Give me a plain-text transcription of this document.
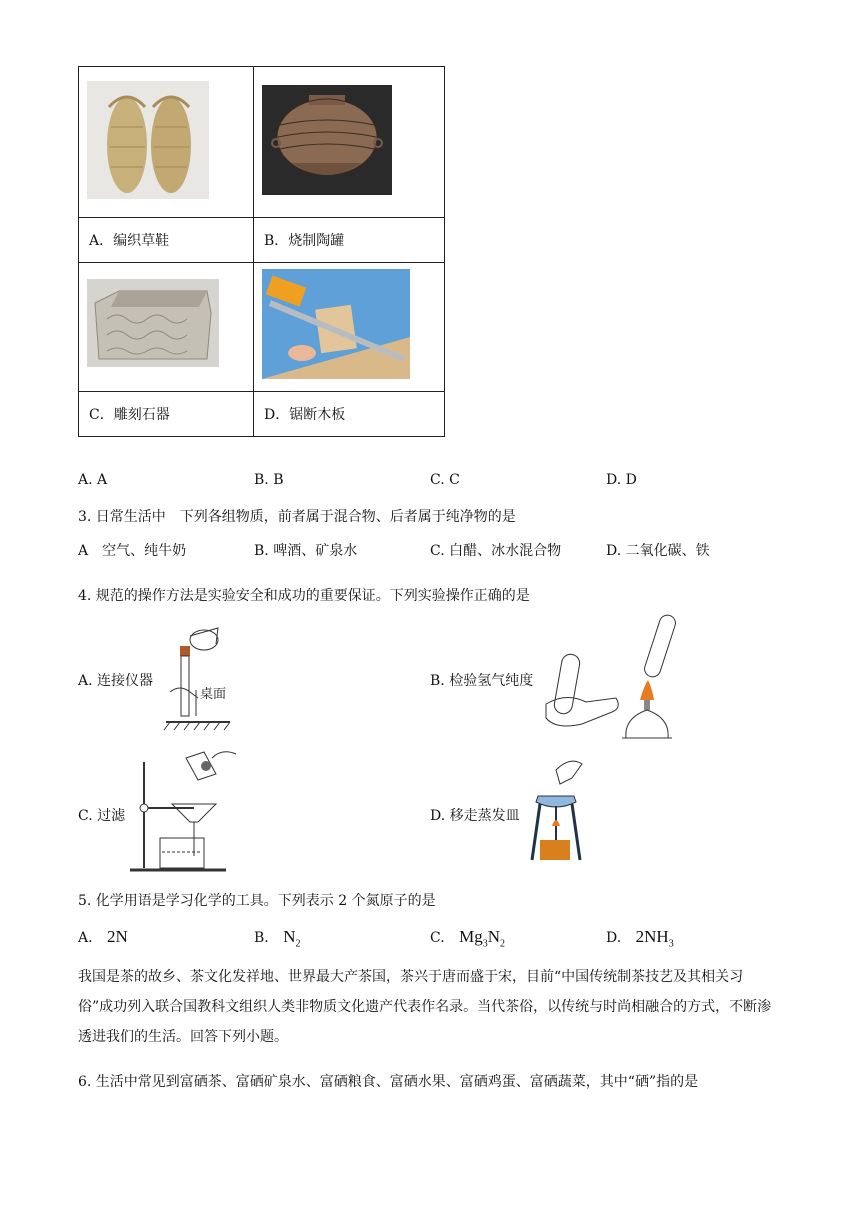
A．编织草鞋	B．烧制陶罐

C．雕刻石器	D．锯断木板
A. A	B. B	C. C	D. D
3. 日常生活中　下列各组物质，前者属于混合物、后者属于纯净物的是
A　空气、纯牛奶	B. 啤酒、矿泉水	C. 白醋、冰水混合物	D. 二氧化碳、铁
4. 规范的操作方法是实验安全和成功的重要保证。下列实验操作正确的是
A. 连接仪器
桌面
B. 检验氢气纯度
C. 过滤	D. 移走蒸发皿
5. 化学用语是学习化学的工具。下列表示 2 个氮原子的是
A. 2N	B. $N_2$	C. $Mg_3N_2$	D. $2NH_3$
我国是茶的故乡、茶文化发祥地、世界最大产茶国，茶兴于唐而盛于宋，目前“中国传统制茶技艺及其相关习俗”成功列入联合国教科文组织人类非物质文化遗产代表作名录。当代茶俗，以传统与时尚相融合的方式，不断渗透进我们的生活。回答下列小题。
6. 生活中常见到富硒茶、富硒矿泉水、富硒粮食、富硒水果、富硒鸡蛋、富硒蔬菜，其中“硒”指的是
